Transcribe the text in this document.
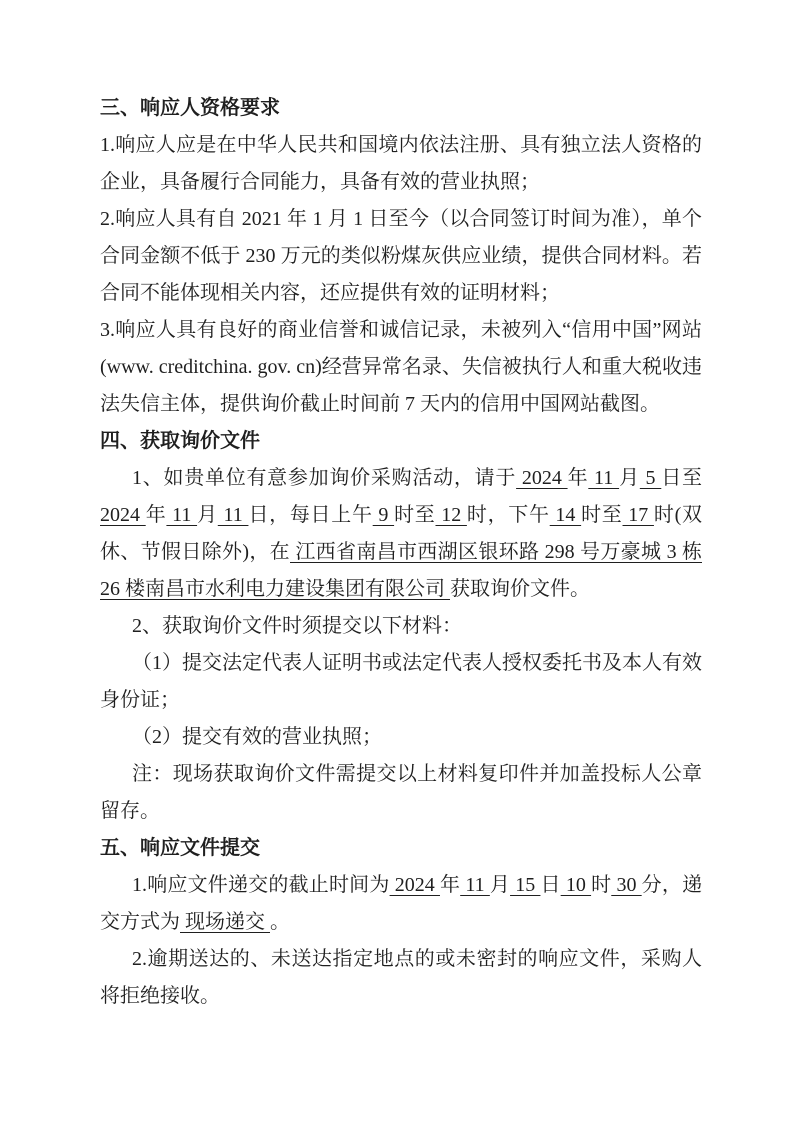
三、响应人资格要求

1.响应人应是在中华人民共和国境内依法注册、具有独立法人资格的企业，具备履行合同能力，具备有效的营业执照；

2.响应人具有自 2021 年 1 月 1 日至今（以合同签订时间为准），单个合同金额不低于 230 万元的类似粉煤灰供应业绩，提供合同材料。若合同不能体现相关内容，还应提供有效的证明材料；

3.响应人具有良好的商业信誉和诚信记录，未被列入“信用中国”网站(www. creditchina. gov. cn)经营异常名录、失信被执行人和重大税收违法失信主体，提供询价截止时间前 7 天内的信用中国网站截图。

四、获取询价文件

1、如贵单位有意参加询价采购活动，请于 2024 年 11 月 5 日至 2024 年 11 月 11 日，每日上午 9 时至 12 时，下午 14 时至 17 时(双休、节假日除外)，在 江西省南昌市西湖区银环路 298 号万豪城 3 栋 26 楼南昌市水利电力建设集团有限公司 获取询价文件。

2、获取询价文件时须提交以下材料：

（1）提交法定代表人证明书或法定代表人授权委托书及本人有效身份证；

（2）提交有效的营业执照；

注：现场获取询价文件需提交以上材料复印件并加盖投标人公章留存。

五、响应文件提交

1.响应文件递交的截止时间为 2024 年 11 月 15 日 10 时 30 分，递交方式为 现场递交 。

2.逾期送达的、未送达指定地点的或未密封的响应文件，采购人将拒绝接收。
